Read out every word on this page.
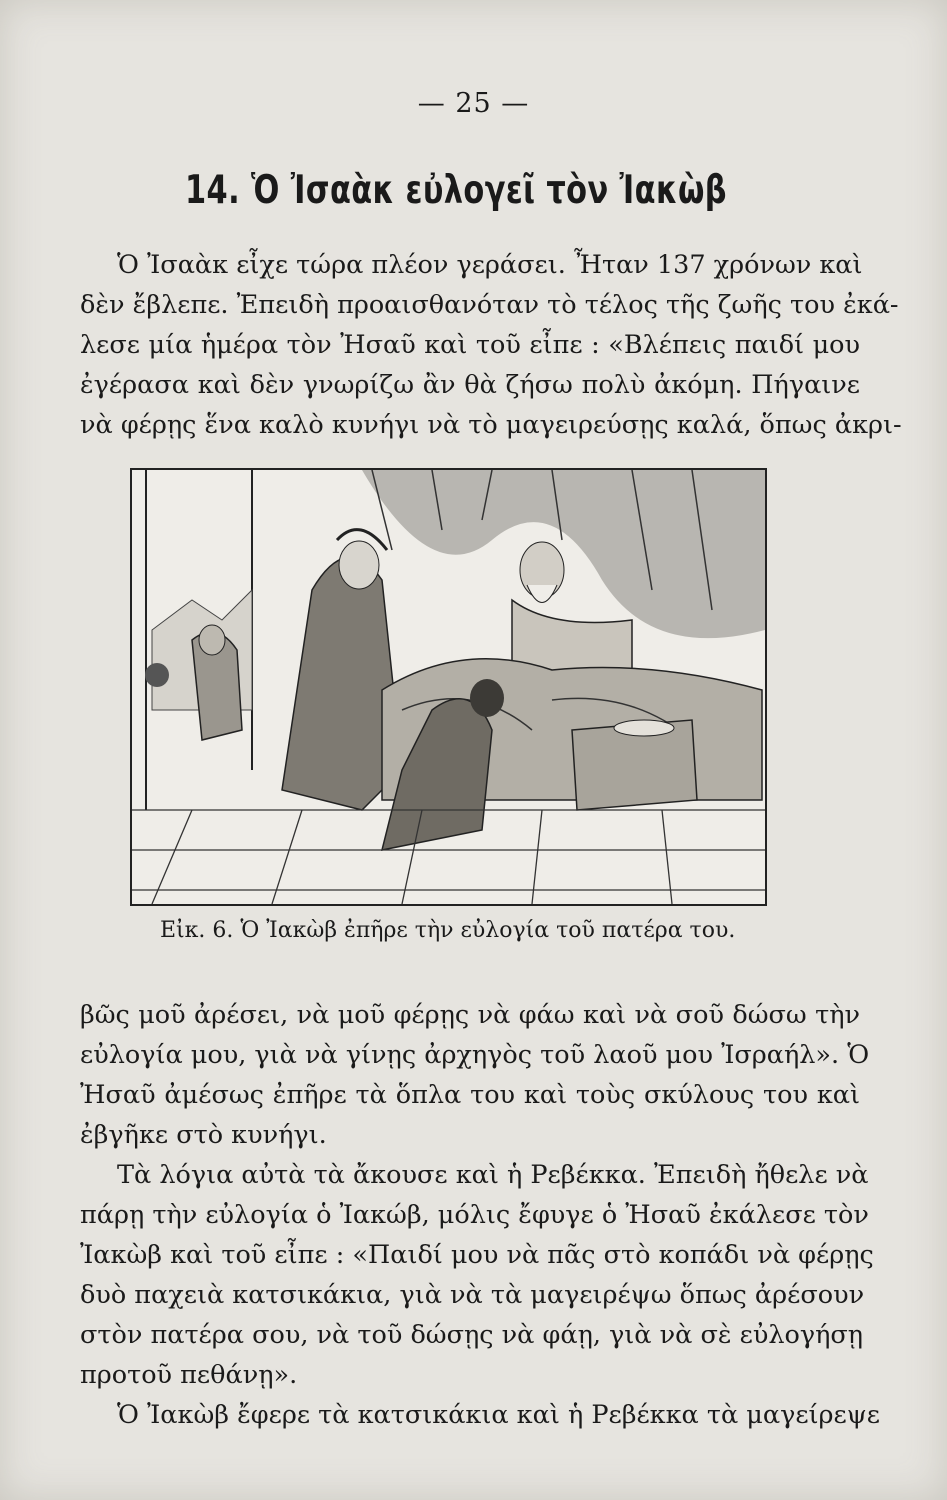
— 25 —
14. Ὁ Ἰσαὰκ εὐλογεῖ τὸν Ἰακὼβ
Ὁ Ἰσαὰκ εἶχε τώρα πλέον γεράσει. Ἦταν 137 χρόνων καὶ
δὲν ἔβλεπε. Ἐπειδὴ προαισθανόταν τὸ τέλος τῆς ζωῆς του ἐκά-
λεσε μία ἡμέρα τὸν Ἠσαῦ καὶ τοῦ εἶπε : «Βλέπεις παιδί μου
ἐγέρασα καὶ δὲν γνωρίζω ἂν θὰ ζήσω πολὺ ἀκόμη. Πήγαινε
νὰ φέρῃς ἕνα καλὸ κυνήγι νὰ τὸ μαγειρεύσῃς καλά, ὅπως ἀκρι-
Εἰκ. 6. Ὁ Ἰακὼβ ἐπῆρε τὴν εὐλογία τοῦ πατέρα του.
βῶς μοῦ ἀρέσει, νὰ μοῦ φέρῃς νὰ φάω καὶ νὰ σοῦ δώσω τὴν
εὐλογία μου, γιὰ νὰ γίνῃς ἀρχηγὸς τοῦ λαοῦ μου Ἰσραήλ». Ὁ
Ἠσαῦ ἀμέσως ἐπῆρε τὰ ὅπλα του καὶ τοὺς σκύλους του καὶ
ἐβγῆκε στὸ κυνήγι.
Τὰ λόγια αὐτὰ τὰ ἄκουσε καὶ ἡ Ρεβέκκα. Ἐπειδὴ ἤθελε νὰ
πάρῃ τὴν εὐλογία ὁ Ἰακώβ, μόλις ἔφυγε ὁ Ἠσαῦ ἐκάλεσε τὸν
Ἰακὼβ καὶ τοῦ εἶπε : «Παιδί μου νὰ πᾶς στὸ κοπάδι νὰ φέρῃς
δυὸ παχειὰ κατσικάκια, γιὰ νὰ τὰ μαγειρέψω ὅπως ἀρέσουν
στὸν πατέρα σου, νὰ τοῦ δώσῃς νὰ φάῃ, γιὰ νὰ σὲ εὐλογήσῃ
προτοῦ πεθάνῃ».
Ὁ Ἰακὼβ ἔφερε τὰ κατσικάκια καὶ ἡ Ρεβέκκα τὰ μαγείρεψε
